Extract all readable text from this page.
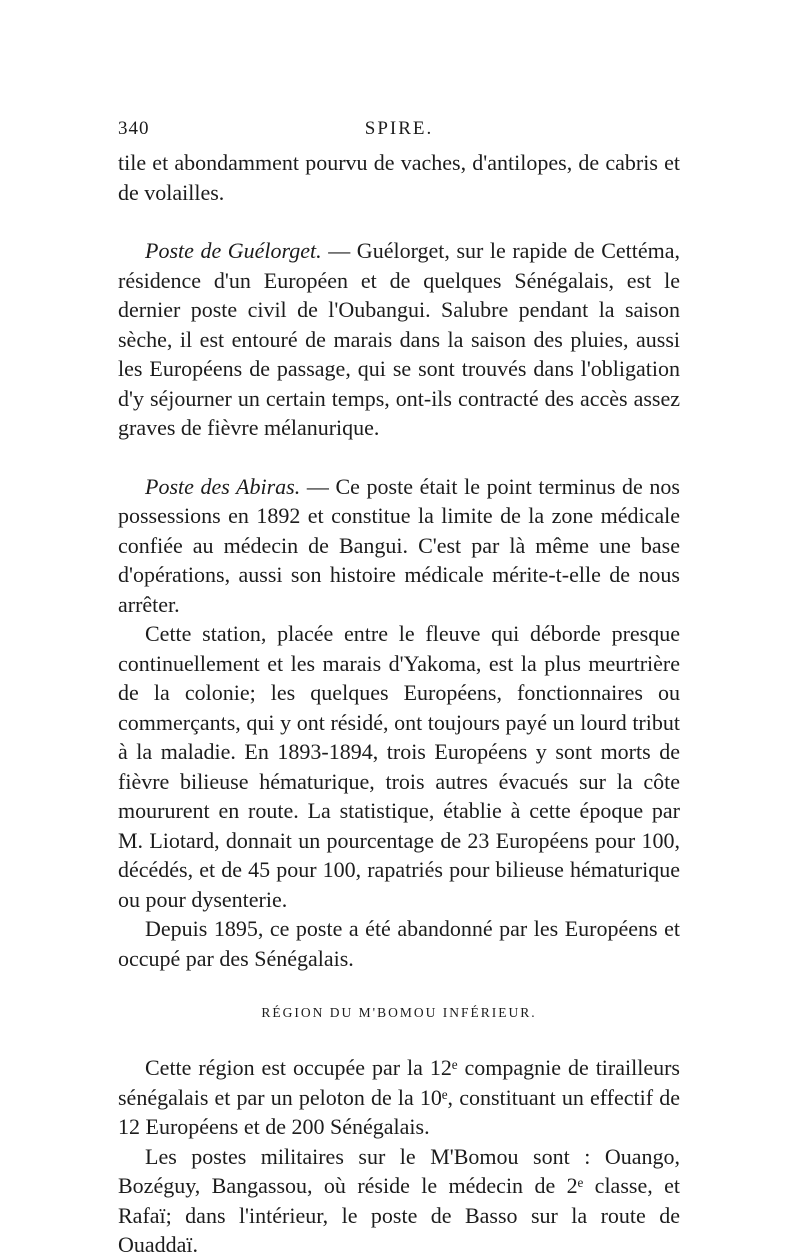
340	SPIRE.

tile et abondamment pourvu de vaches, d'antilopes, de cabris et de volailles.

Poste de Guélorget. — Guélorget, sur le rapide de Cettéma, résidence d'un Européen et de quelques Sénégalais, est le dernier poste civil de l'Oubangui. Salubre pendant la saison sèche, il est entouré de marais dans la saison des pluies, aussi les Européens de passage, qui se sont trouvés dans l'obligation d'y séjourner un certain temps, ont-ils contracté des accès assez graves de fièvre mélanurique.

Poste des Abiras. — Ce poste était le point terminus de nos possessions en 1892 et constitue la limite de la zone médicale confiée au médecin de Bangui. C'est par là même une base d'opérations, aussi son histoire médicale mérite-t-elle de nous arrêter.

Cette station, placée entre le fleuve qui déborde presque continuellement et les marais d'Yakoma, est la plus meurtrière de la colonie; les quelques Européens, fonctionnaires ou commerçants, qui y ont résidé, ont toujours payé un lourd tribut à la maladie. En 1893-1894, trois Européens y sont morts de fièvre bilieuse hématurique, trois autres évacués sur la côte moururent en route. La statistique, établie à cette époque par M. Liotard, donnait un pourcentage de 23 Européens pour 100, décédés, et de 45 pour 100, rapatriés pour bilieuse hématurique ou pour dysenterie.

Depuis 1895, ce poste a été abandonné par les Européens et occupé par des Sénégalais.

RÉGION DU M'BOMOU INFÉRIEUR.

Cette région est occupée par la 12ᵉ compagnie de tirailleurs sénégalais et par un peloton de la 10ᵉ, constituant un effectif de 12 Européens et de 200 Sénégalais.

Les postes militaires sur le M'Bomou sont : Ouango, Bozéguy, Bangassou, où réside le médecin de 2ᵉ classe, et Rafaï; dans l'intérieur, le poste de Basso sur la route de Ouaddaï.
